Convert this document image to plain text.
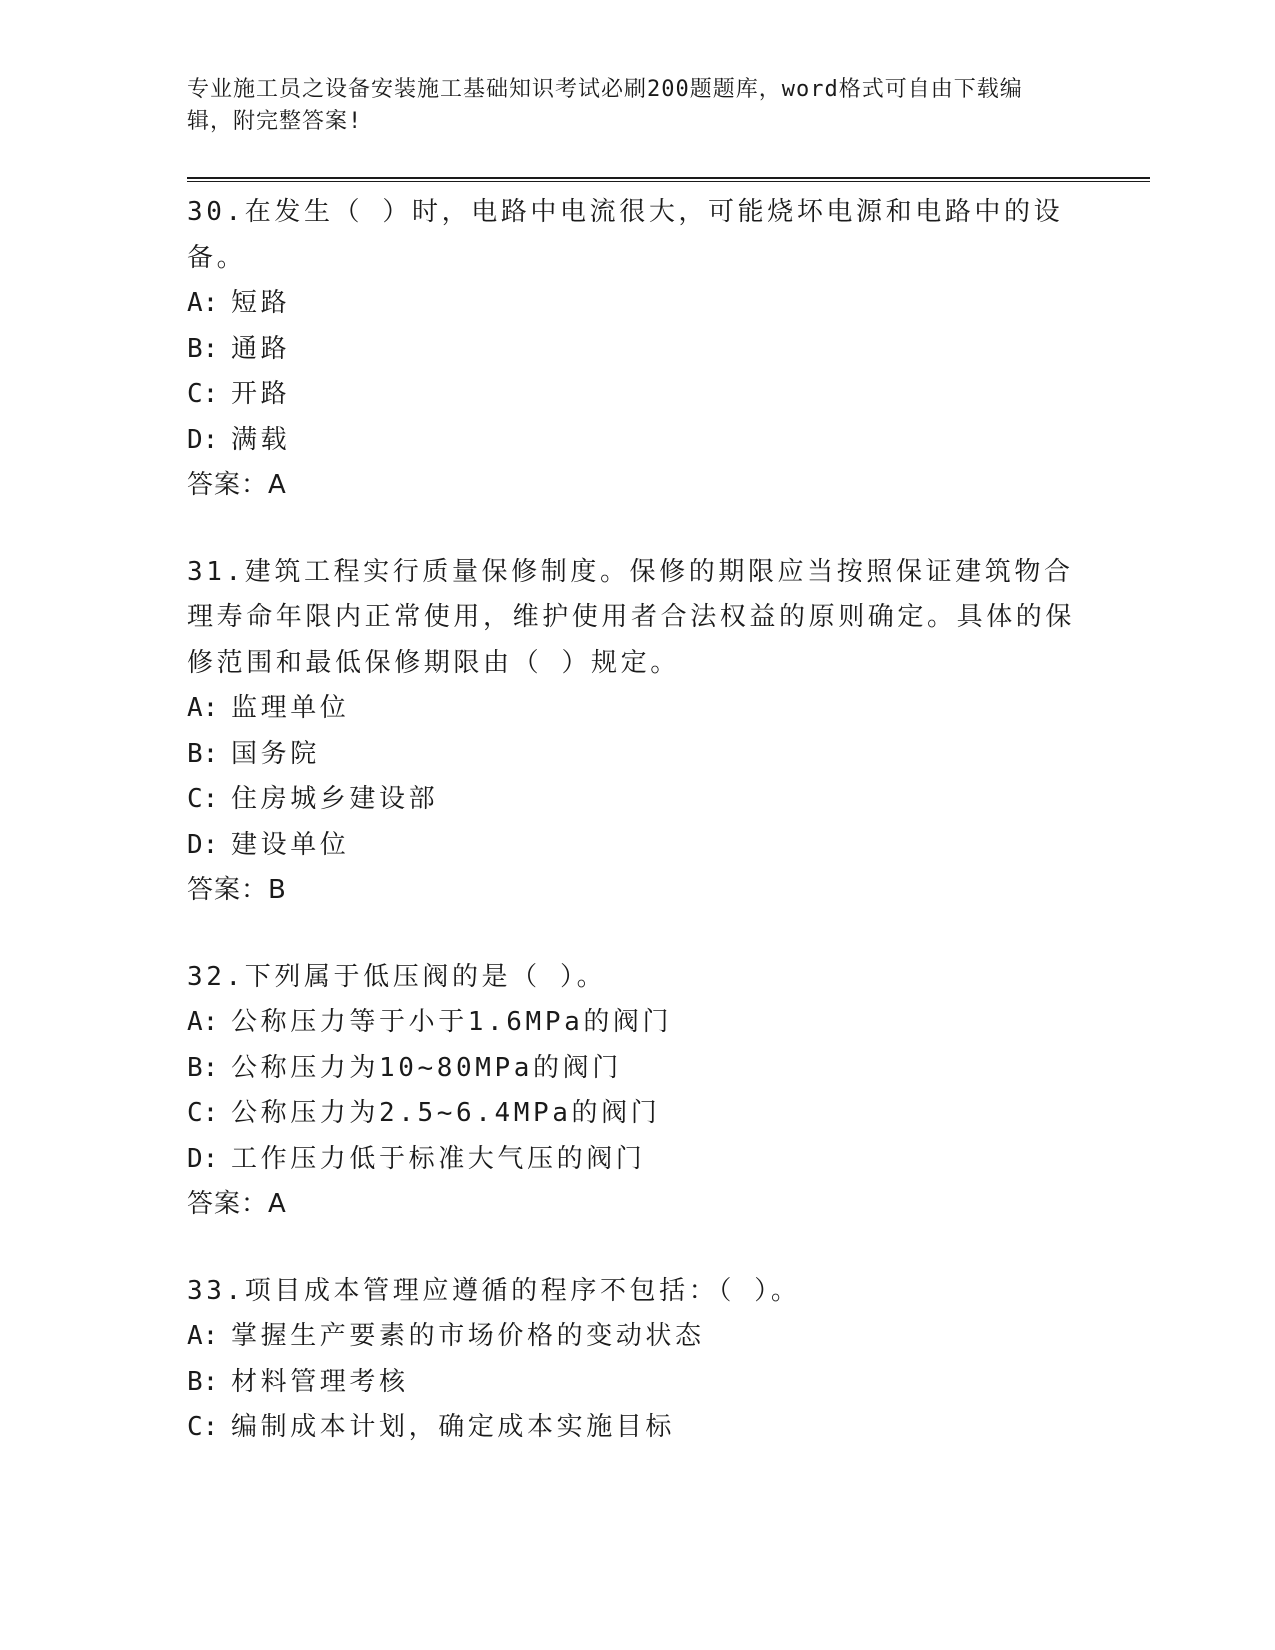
专业施工员之设备安装施工基础知识考试必刷200题题库，word格式可自由下载编辑，附完整答案!

30.在发生（ ）时，电路中电流很大，可能烧坏电源和电路中的设备。

A: 短路

B: 通路

C: 开路

D: 满载

答案：A

31.建筑工程实行质量保修制度。保修的期限应当按照保证建筑物合理寿命年限内正常使用，维护使用者合法权益的原则确定。具体的保修范围和最低保修期限由（ ）规定。

A: 监理单位

B: 国务院

C: 住房城乡建设部

D: 建设单位

答案：B

32.下列属于低压阀的是（ ）。

A: 公称压力等于小于1.6MPa的阀门

B: 公称压力为10~80MPa的阀门

C: 公称压力为2.5~6.4MPa的阀门

D: 工作压力低于标准大气压的阀门

答案：A

33.项目成本管理应遵循的程序不包括：（ ）。

A: 掌握生产要素的市场价格的变动状态

B: 材料管理考核

C: 编制成本计划，确定成本实施目标
